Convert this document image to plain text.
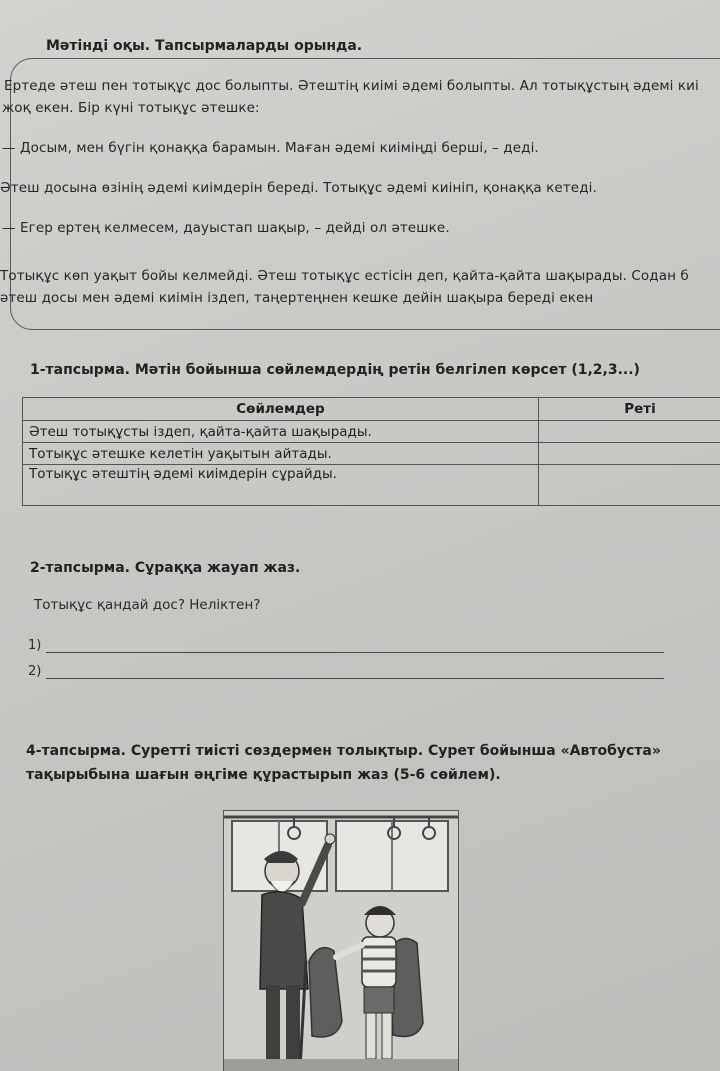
Мәтінді оқы. Тапсырмаларды орында.
Ертеде әтеш пен тотықұс дос болыпты. Әтештің киімі әдемі болыпты. Ал тотықұстың әдемі киі
жоқ екен. Бір күні тотықұс әтешке:
— Досым, мен бүгін қонаққа барамын. Маған әдемі киіміңді берші, – деді.
Әтеш досына өзінің әдемі киімдерін береді. Тотықұс әдемі киініп, қонаққа кетеді.
— Егер ертең келмесем, дауыстап шақыр, – дейді ол әтешке.
Тотықұс көп уақыт бойы келмейді. Әтеш тотықұс естісін деп, қайта-қайта шақырады. Содан б
әтеш досы мен әдемі киімін іздеп, таңертеңнен кешке дейін шақыра береді екен
1-тапсырма. Мәтін бойынша сөйлемдердің ретін белгілеп көрсет (1,2,3...)
Сөйлемдер	Реті
Әтеш тотықұсты іздеп, қайта-қайта шақырады.	
Тотықұс әтешке келетін уақытын айтады.	
Тотықұс әтештің әдемі киімдерін сұрайды.	
2-тапсырма. Сұраққа жауап жаз.
Тотықұс қандай дос? Неліктен?
1)
2)
4-тапсырма. Суретті тиісті сөздермен толықтыр. Сурет бойынша «Автобуста»
тақырыбына шағын әңгіме құрастырып жаз (5-6 сөйлем).
